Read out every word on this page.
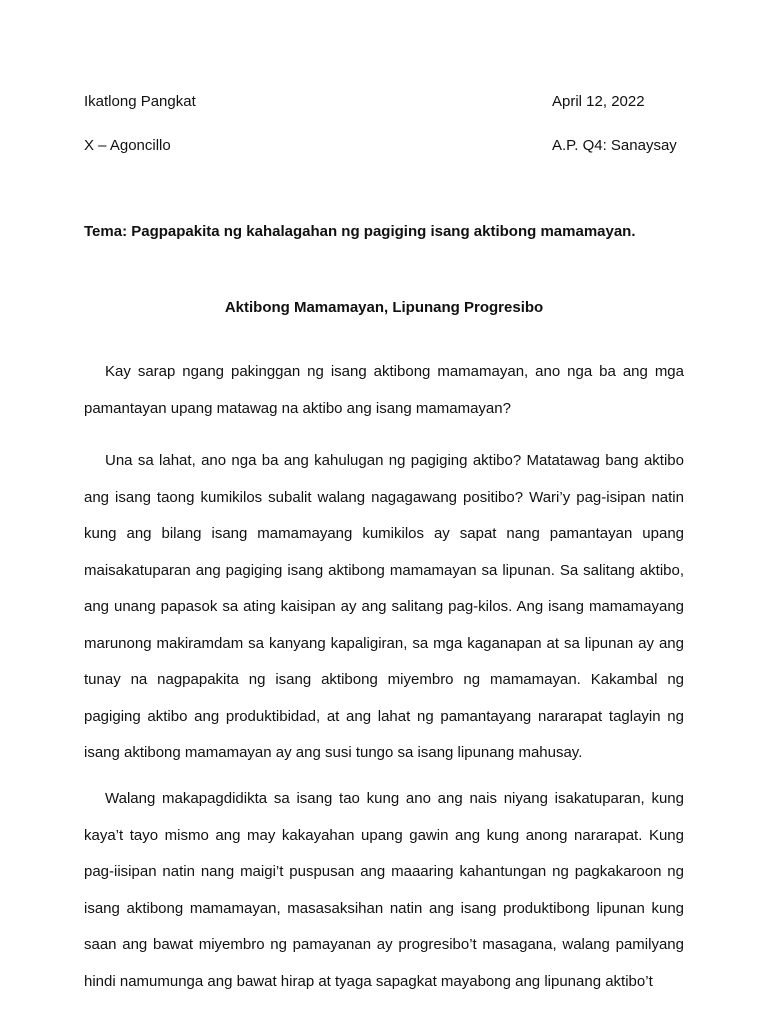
Ikatlong Pangkat	April 12, 2022
X – Agoncillo	A.P. Q4: Sanaysay
Tema: Pagpapakita ng kahalagahan ng pagiging isang aktibong mamamayan.
Aktibong Mamamayan, Lipunang Progresibo

Kay sarap ngang pakinggan ng isang aktibong mamamayan, ano nga ba ang mga pamantayan upang matawag na aktibo ang isang mamamayan?

Una sa lahat, ano nga ba ang kahulugan ng pagiging aktibo? Matatawag bang aktibo ang isang taong kumikilos subalit walang nagagawang positibo? Wari’y pag-isipan natin kung ang bilang isang mamamayang kumikilos ay sapat nang pamantayan upang maisakatuparan ang pagiging isang aktibong mamamayan sa lipunan. Sa salitang aktibo, ang unang papasok sa ating kaisipan ay ang salitang pag-kilos. Ang isang mamamayang marunong makiramdam sa kanyang kapaligiran, sa mga kaganapan at sa lipunan ay ang tunay na nagpapakita ng isang aktibong miyembro ng mamamayan. Kakambal ng pagiging aktibo ang produktibidad, at ang lahat ng pamantayang nararapat taglayin ng isang aktibong mamamayan ay ang susi tungo sa isang lipunang mahusay.

Walang makapagdidikta sa isang tao kung ano ang nais niyang isakatuparan, kung kaya’t tayo mismo ang may kakayahan upang gawin ang kung anong nararapat. Kung pag-iisipan natin nang maigi’t puspusan ang maaaring kahantungan ng pagkakaroon ng isang aktibong mamamayan, masasaksihan natin ang isang produktibong lipunan kung saan ang bawat miyembro ng pamayanan ay progresibo’t masagana, walang pamilyang hindi namumunga ang bawat hirap at tyaga sapagkat mayabong ang lipunang aktibo’t
